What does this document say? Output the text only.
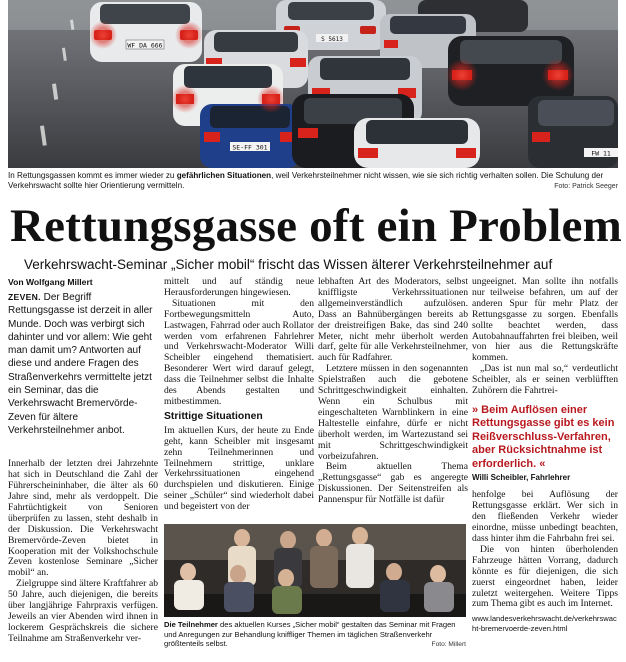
S 5613
WF DA 666
SE-FF 301
FW 11
In Rettungsgassen kommt es immer wieder zu gefährlichen Situationen, weil Verkehrsteilnehmer nicht wissen, wie sie sich richtig verhalten sollen. Die Schulung der Verkehrswacht sollte hier Orientierung vermitteln.	Foto: Patrick Seeger
Rettungsgasse oft ein Problem
Verkehrswacht-Seminar „Sicher mobil“ frischt das Wissen älterer Verkehrsteilnehmer auf
Von Wolfgang Millert
ZEVEN. Der Begriff Rettungsgasse ist derzeit in aller Munde. Doch was verbirgt sich dahinter und vor allem: Wie geht man damit um? Antworten auf diese und andere Fragen des Straßenverkehrs vermittelte jetzt ein Seminar, das die Verkehrswacht Bremervörde-Zeven für ältere Verkehrsteilnehmer anbot.

Innerhalb der letzten drei Jahrzehnte hat sich in Deutschland die Zahl der Führerscheininhaber, die älter als 60 Jahre sind, mehr als verdoppelt. Die Fahrtüchtigkeit von Senioren überprüfen zu lassen, steht deshalb in der Diskussion. Die Verkehrswacht Bremervörde-Zeven bietet in Kooperation mit der Volkshochschule Zeven kostenlose Seminare „Sicher mobil“ an.

Zielgruppe sind ältere Kraftfahrer ab 50 Jahre, auch diejenigen, die bereits über langjährige Fahrpraxis verfügen. Jeweils an vier Abenden wird ihnen in lockerem Gesprächskreis die sichere Teilnahme am Straßenverkehr ver-

mittelt und auf ständig neue Herausforderungen hingewiesen.

Situationen mit den Fortbewegungsmitteln Auto, Lastwagen, Fahrrad oder auch Rollator werden vom erfahrenen Fahrlehrer und Verkehrswacht-Moderator Willi Scheibler eingehend thematisiert. Besonderer Wert wird darauf gelegt, dass die Teilnehmer selbst die Inhalte des Abends gestalten und mitbestimmen.

Strittige Situationen

Im aktuellen Kurs, der heute zu Ende geht, kann Scheibler mit insgesamt zehn Teilnehmerinnen und Teilnehmern strittige, unklare Verkehrssituationen eingehend durchspielen und diskutieren. Einige seiner „Schüler“ sind wiederholt dabei und begeistert von der

lebhaften Art des Moderators, selbst kniffligste Verkehrssituationen allgemeinverständlich aufzulösen. Dass an Bahnübergängen bereits ab der dreistreifigen Bake, das sind 240 Meter, nicht mehr überholt werden darf, gelte für alle Verkehrsteilnehmer, auch für Radfahrer.

Letztere müssen in den sogenannten Spielstraßen auch die gebotene Schrittgeschwindigkeit einhalten. Wenn ein Schulbus mit eingeschalteten Warnblinkern in eine Haltestelle einfahre, dürfe er nicht überholt werden, im Wartezustand sei mit Schrittgeschwindigkeit vorbeizufahren.

Beim aktuellen Thema „Rettungsgasse“ gab es angeregte Diskussionen. Der Seitenstreifen als Pannenspur für Notfälle ist dafür

ungeeignet. Man sollte ihn notfalls nur teilweise befahren, um auf der anderen Spur für mehr Platz der Rettungsgasse zu sorgen. Ebenfalls sollte beachtet werden, dass Autobahnauffahrten frei bleiben, weil von hier aus die Rettungskräfte kommen.

„Das ist nun mal so,“ verdeutlicht Scheibler, als er seinen verblüfften Zuhörern die Fahrtrei-

» Beim Auflösen einer Rettungsgasse gibt es kein Reißverschluss-Verfahren, aber Rücksichtnahme ist erforderlich. «
Willi Scheibler, Fahrlehrer

henfolge bei Auflösung der Rettungsgasse erklärt. Wer sich in den fließenden Verkehr wieder einordne, müsse unbedingt beachten, dass hinter ihm die Fahrbahn frei sei.

Die von hinten überholenden Fahrzeuge hätten Vorrang, dadurch könnte es für diejenigen, die sich zuerst eingeordnet haben, leider zuletzt weitergehen. Weitere Tipps zum Thema gibt es auch im Internet.

www.landesverkehrswacht.de/verkehrswacht-bremervoerde-zeven.html
Die Teilnehmer des aktuellen Kurses „Sicher mobil“ gestalten das Seminar mit Fragen und Anregungen zur Behandlung kniffliger Themen im täglichen Straßenverkehr größtenteils selbst.	Foto: Millert
